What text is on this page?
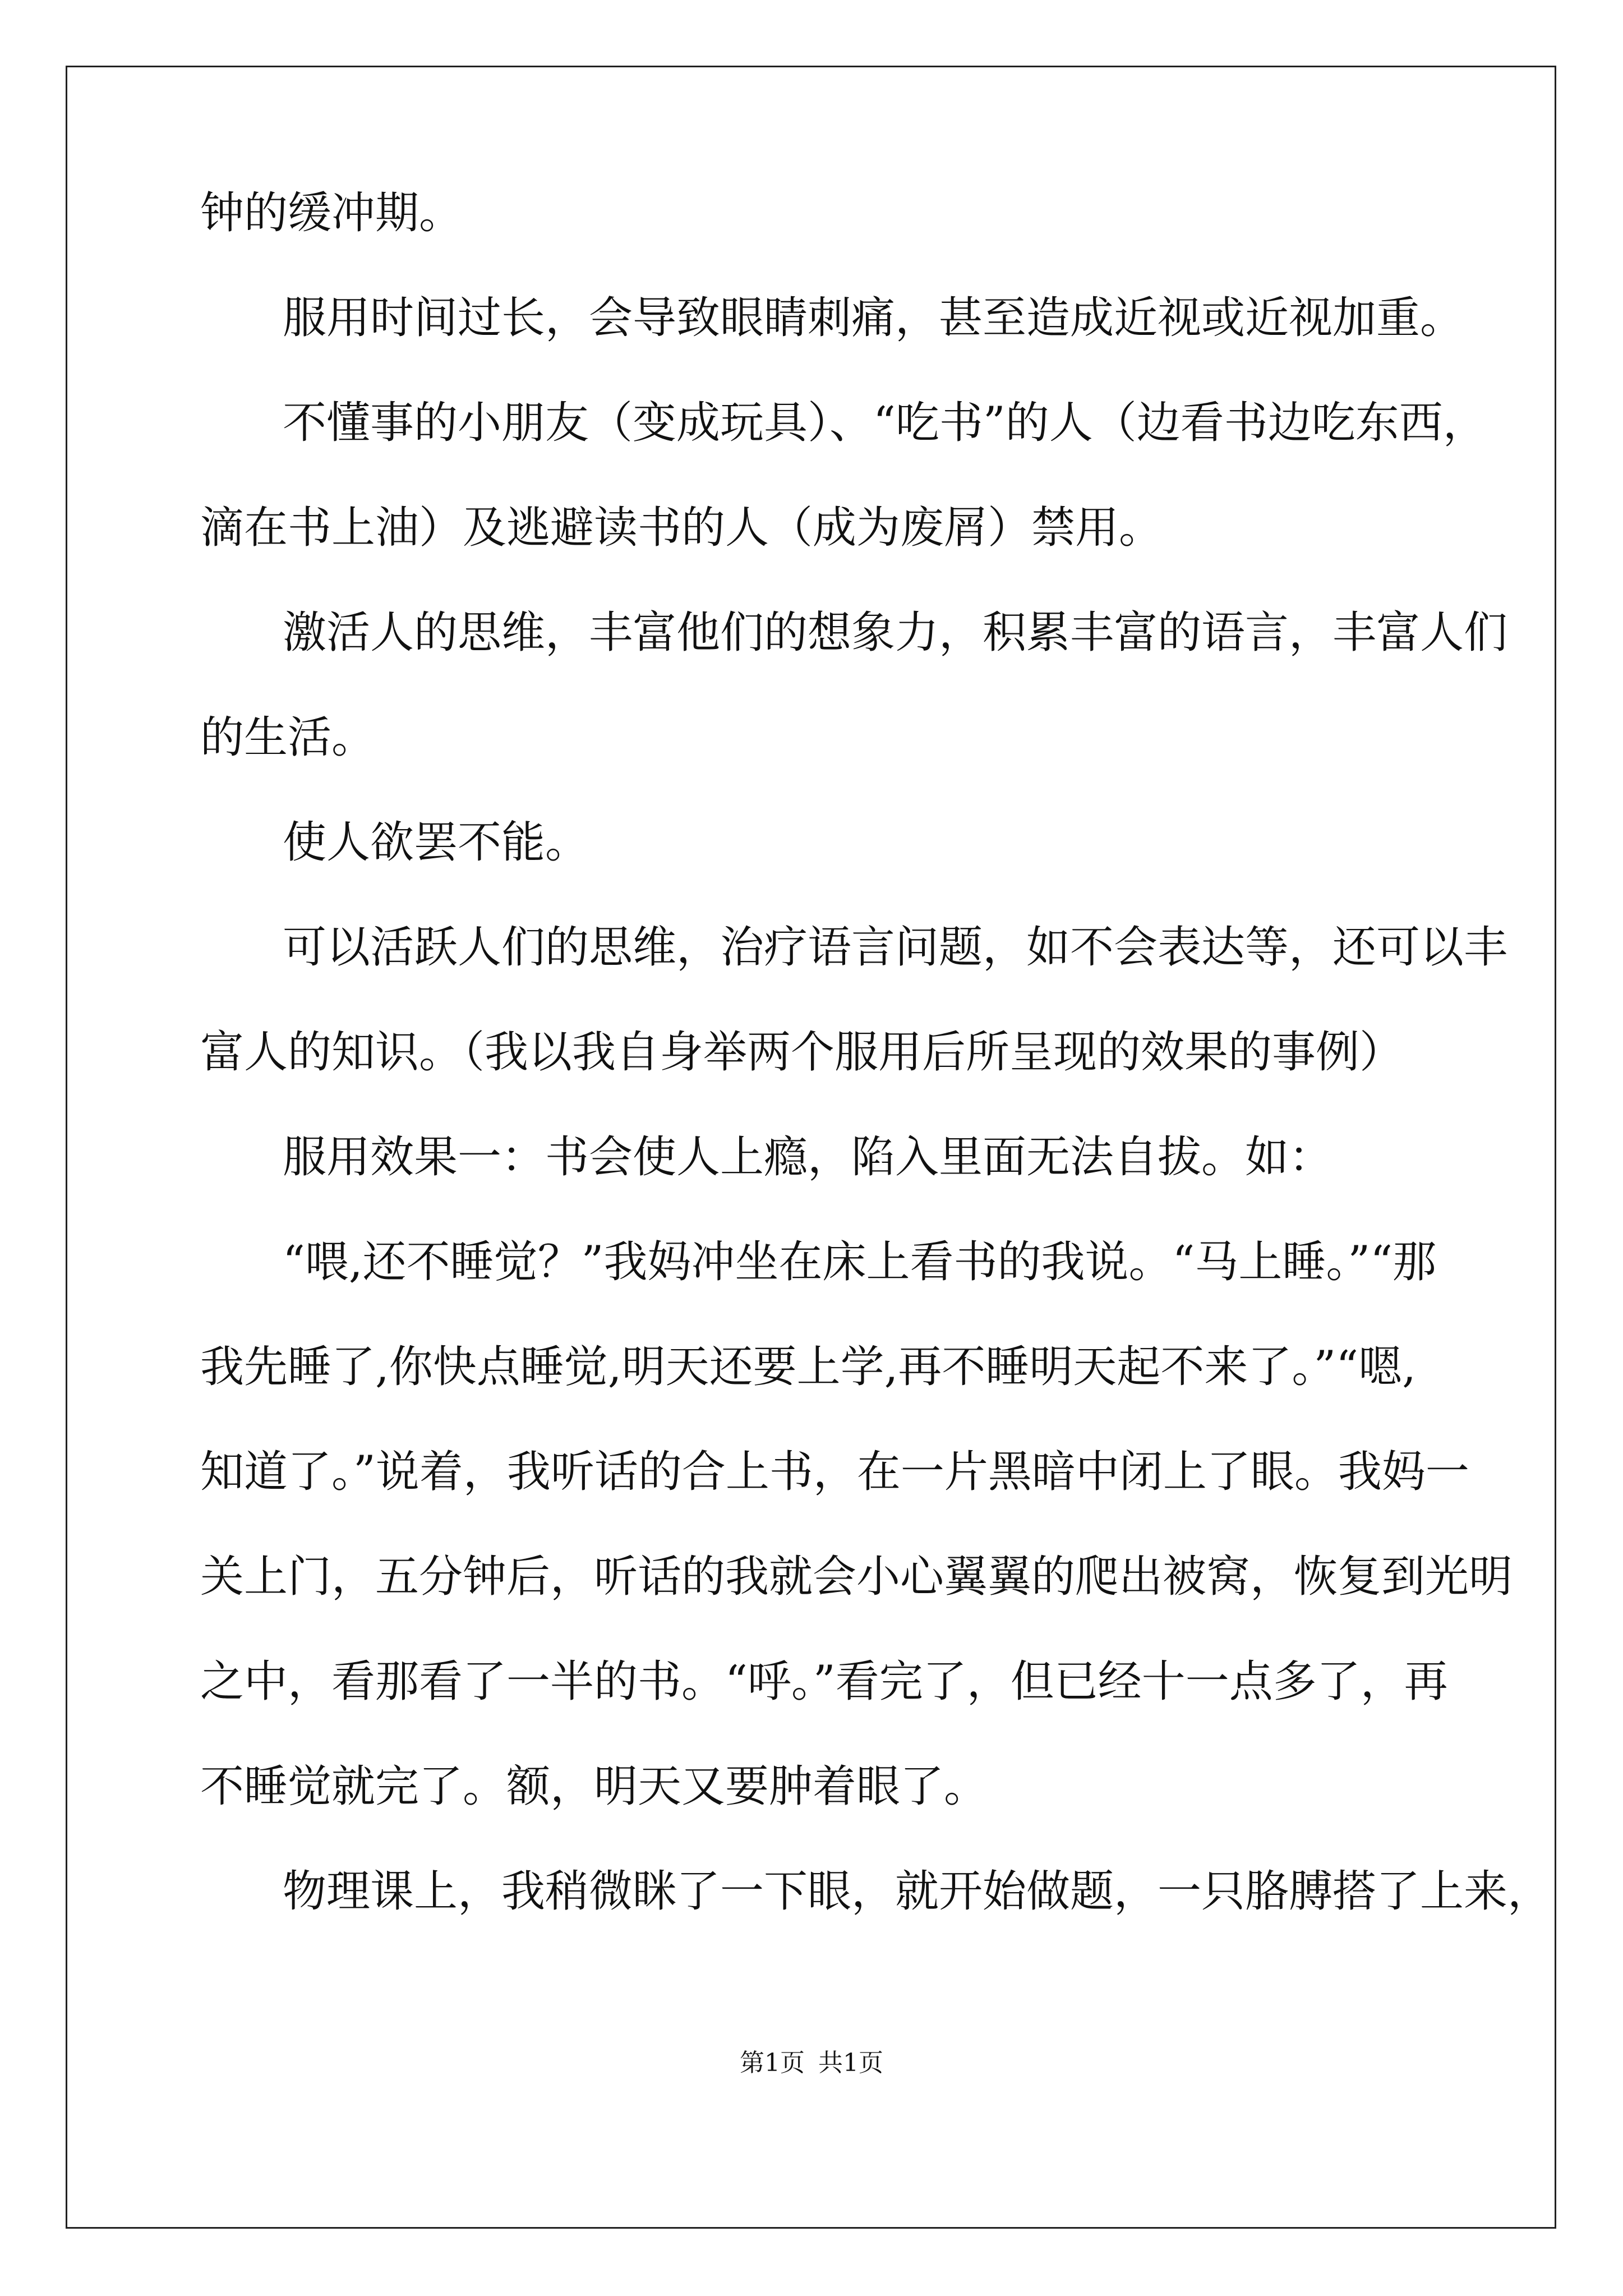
钟的缓冲期。
服用时间过长，会导致眼睛刺痛，甚至造成近视或近视加重。
不懂事的小朋友（变成玩具）、“吃书”的人（边看书边吃东西，
滴在书上油）及逃避读书的人（成为废屑）禁用。
激活人的思维，丰富他们的想象力，积累丰富的语言，丰富人们
的生活。
使人欲罢不能。
可以活跃人们的思维，治疗语言问题，如不会表达等，还可以丰
富人的知识。（我以我自身举两个服用后所呈现的效果的事例）
服用效果一：书会使人上瘾，陷入里面无法自拔。如：
“喂,还不睡觉？”我妈冲坐在床上看书的我说。“马上睡。”“那
我先睡了,你快点睡觉,明天还要上学,再不睡明天起不来了。”“嗯,
知道了。”说着，我听话的合上书，在一片黑暗中闭上了眼。我妈一
关上门，五分钟后，听话的我就会小心翼翼的爬出被窝，恢复到光明
之中，看那看了一半的书。“呼。”看完了，但已经十一点多了，再
不睡觉就完了。额，明天又要肿着眼了。
物理课上，我稍微眯了一下眼，就开始做题，一只胳膊搭了上来，
第1页 共1页
